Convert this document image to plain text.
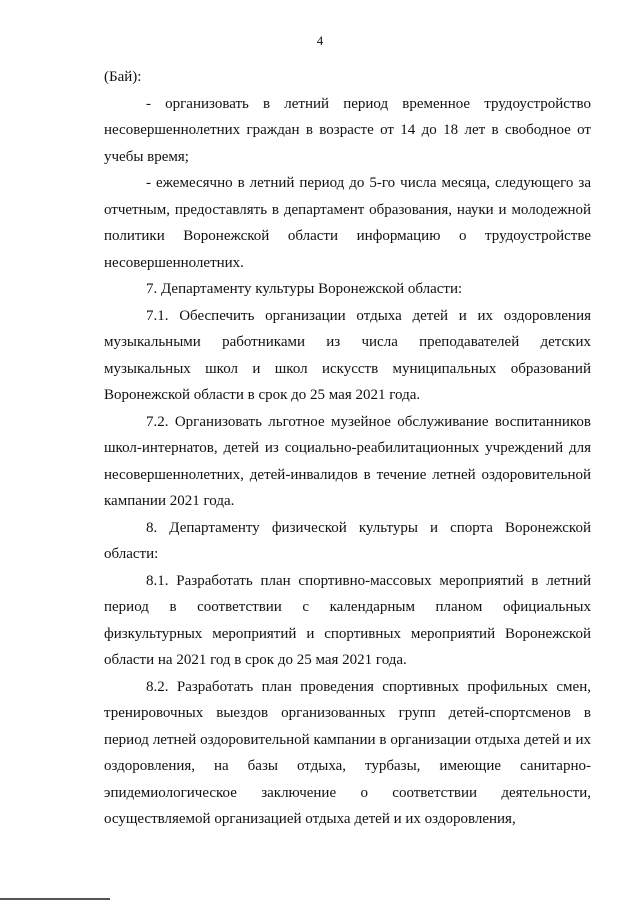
4

(Бай):

- организовать в летний период временное трудоустройство несовершеннолетних граждан в возрасте от 14 до 18 лет в свободное от учебы время;

- ежемесячно в летний период до 5-го числа месяца, следующего за отчетным, предоставлять в департамент образования, науки и молодежной политики Воронежской области информацию о трудоустройстве несовершеннолетних.

7. Департаменту культуры Воронежской области:

7.1. Обеспечить организации отдыха детей и их оздоровления музыкальными работниками из числа преподавателей детских музыкальных школ и школ искусств муниципальных образований Воронежской области в срок до 25 мая 2021 года.

7.2. Организовать льготное музейное обслуживание воспитанников школ-интернатов, детей из социально-реабилитационных учреждений для несовершеннолетних, детей-инвалидов в течение летней оздоровительной кампании 2021 года.

8. Департаменту физической культуры и спорта Воронежской области:

8.1. Разработать план спортивно-массовых мероприятий в летний период в соответствии с календарным планом официальных физкультурных мероприятий и спортивных мероприятий Воронежской области на 2021 год в срок до 25 мая 2021 года.

8.2. Разработать план проведения спортивных профильных смен, тренировочных выездов организованных групп детей-спортсменов в период летней оздоровительной кампании в организации отдыха детей и их оздоровления, на базы отдыха, турбазы, имеющие санитарно-эпидемиологическое заключение о соответствии деятельности, осуществляемой организацией отдыха детей и их оздоровления,
